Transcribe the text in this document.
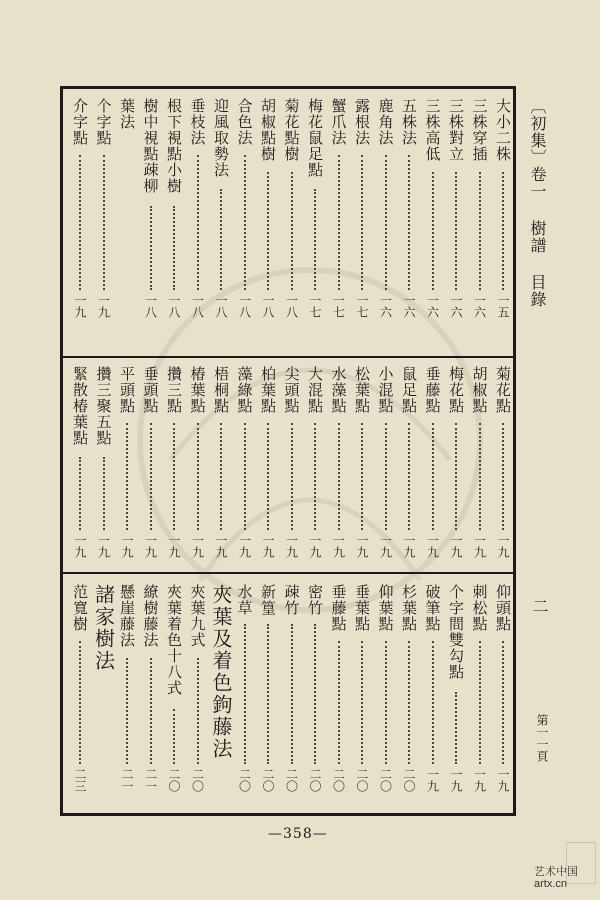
〔初集〕卷一 樹譜 目錄
二
第一一頁
大小二株
一五
三株穿插
一六
三株對立
一六
三株高低
一六
五株法
一六
鹿角法
一六
露根法
一七
蟹爪法
一七
梅花鼠足點
一七
菊花點樹
一八
胡椒點樹
一八
合色法
一八
迎風取勢法
一八
垂枝法
一八
根下視點小樹
一八
樹中視點疎柳
一八
葉法
个字點
一九
介字點
一九
菊花點
一九
胡椒點
一九
梅花點
一九
垂藤點
一九
鼠足點
一九
小混點
一九
松葉點
一九
水藻點
一九
大混點
一九
尖頭點
一九
柏葉點
一九
藻綠點
一九
梧桐點
一九
椿葉點
一九
攢三點
一九
垂頭點
一九
平頭點
一九
攢三聚五點
一九
緊散椿葉點
一九
仰頭點
一九
刺松點
一九
个字間雙勾點
一九
破筆點
一九
杉葉點
二〇
仰葉點
二〇
垂葉點
二〇
垂藤點
二〇
密竹
二〇
疎竹
二〇
新篁
二〇
水草
二〇
夾葉及着色鉤藤法
夾葉九式
二〇
夾葉着色十八式
二〇
繚樹藤法
二一
懸崖藤法
二一
諸家樹法
范寬樹
二三
—358—
艺术中国
artx.cn
